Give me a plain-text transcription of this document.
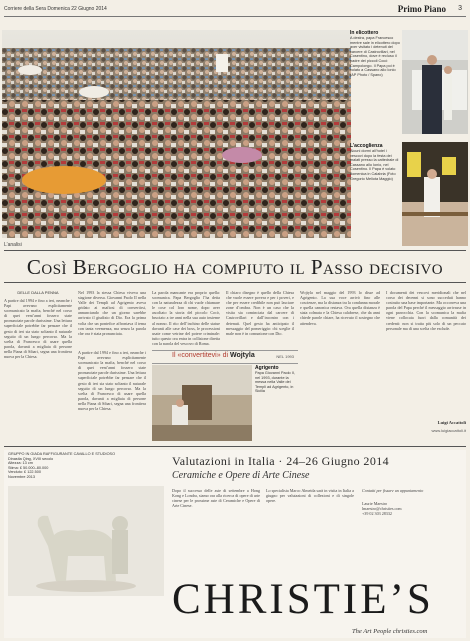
Corriere della Sera Domenica 22 Giugno 2014	Primo Piano 3
In elicottero
A destra, papa Francesco mentre sale in elicottero dopo aver visitato i detenuti del carcere di Castrovillari, nel Cosentino, dove è recluso il padre dei piccoli Cocò Campolongo. Il Papa poi è volato a Cassano allo Ionio (AP Photo / Spano)
L’accoglienza
Alcuni dormi all’hotel i vescovi dopo la festa dei malati presso la cattedrale di Cassano allo Ionio, nel Cosentino. Il Papa è volato domenica in Calabria (Foto Gregorio Meliota Maggio)
L’analisi
Così Bergoglio ha compiuto il Passo decisivo
DELLE DALLA PENNA
A partire dal 1994 e fino a ieri, neanche i Papi avevano esplicitamente scomunicato la mafia, benché nel corso di quei vent’anni fossero state pronunciate parole durissime. Una lettura superficiale potrebbe far pensare che il gesto di ieri sia stato soltanto il naturale seguito di un lungo percorso. Ma la scelta di Francesco di usare quella parola, davanti a migliaia di persone nella Piana di Sibari, segna una frontiera nuova per la Chiesa.
Nel 1993 la stessa Chiesa viveva una stagione diversa. Giovanni Paolo II nella Valle dei Templi ad Agrigento aveva gridato ai mafiosi di convertirsi, annunciando che un giorno sarebbe arrivato il giudizio di Dio. Era la prima volta che un pontefice affrontava il tema con tanta veemenza, ma senza la parola che ora è stata pronunciata.
La parola mancante era proprio quella: scomunica. Papa Bergoglio l’ha detta con la naturalezza di chi vuole chiamare le cose col loro nome, dopo aver ascoltato la storia del piccolo Cocò, bruciato a tre anni nella sua auto insieme al nonno. Il rito dell’inchino delle statue davanti alle case dei boss, le processioni usate come vetrine del potere criminale: tutto questo ora entra in collisione diretta con la parola del vescovo di Roma.
Il chiaro disegno è quello della Chiesa che vuole essere povera e per i poveri, e che per essere credibile non può lasciare zone d’ombra. Non è un caso che la visita sia cominciata dal carcere di Castrovillari e dall’incontro con i detenuti. Quel gesto ha anticipato il messaggio del pomeriggio: chi sceglie il male non è in comunione con Dio.
Wojtyla nel maggio del 1993 lo disse ad Agrigento. La sua voce arrivò fino alle coscienze, ma la distanza tra la condanna morale e quella canonica restava. Ora quella distanza è stata colmata e la Chiesa calabrese, che da anni chiede parole chiare, ha ricevuto il sostegno che attendeva.
I documenti dei vescovi meridionali che nel corso dei decenni si sono succeduti hanno costruito una base importante. Ma occorreva una parola del Papa perché il messaggio arrivasse in ogni parrocchia. Con la scomunica la mafia viene collocata fuori dalla comunità dei credenti: non si tratta più solo di un peccato personale ma di una scelta che esclude.
A partire dal 1994 e fino a ieri, neanche i Papi avevano esplicitamente scomunicato la mafia, benché nel corso di quei vent’anni fossero state pronunciate parole durissime. Una lettura superficiale potrebbe far pensare che il gesto di ieri sia stato soltanto il naturale seguito di un lungo percorso. Ma la scelta di Francesco di usare quella parola, davanti a migliaia di persone nella Piana di Sibari, segna una frontiera nuova per la Chiesa.
Luigi Accattoli
www.luigiaccattoli.it
Il «convertitevi» di Wojtyla	NEL 1993
Agrigento
Papa Giovanni Paolo II, nel 1993, durante la messa nella Valle dei Templi ad Agrigento, in Sicilia
Valutazioni in Italia · 24–26 Giugno 2014
Ceramiche e Opere di Arte Cinese
GRUPPO IN GIADA RAFFIGURANTE CAVALLO E STUDIOSO
Dinastia Qing, XVIII secolo
Altezza: 13 cm
Stima: £ 50.000–80.000
Venduto: £ 122.500
Novembre 2013
Dopo il successo delle aste di settembre a Hong Kong e Londra, siamo ora alla ricerca di opere di arte cinese per le prossime aste di Ceramiche e Opere di Arte Cinese.
Lo specialista Marco Almeida sarà in visita in Italia a giugno per valutazioni di collezioni e di singole opere.
Contatti per fissare un appuntamento
Laurie Maestro
lmaestro@christies.com
+39 02 303 28332
CHRISTIE’S
The Art People christies.com
